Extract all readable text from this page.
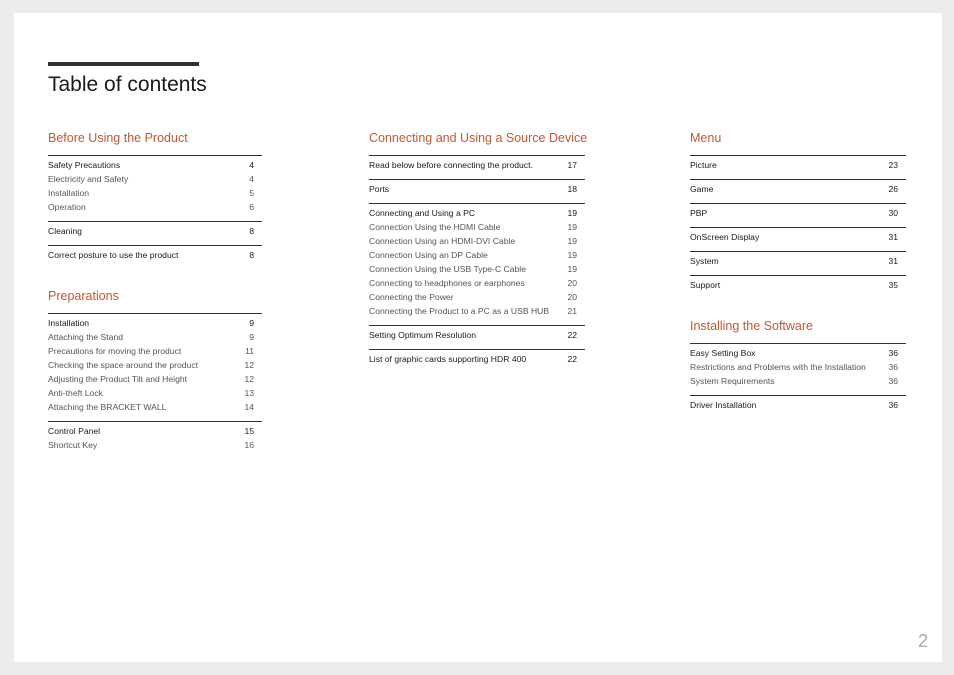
Table of contents
Before Using the Product
Safety Precautions	4
Electricity and Safety	4
Installation	5
Operation	6
Cleaning	8
Correct posture to use the product	8
Preparations
Installation	9
Attaching the Stand	9
Precautions for moving the product	11
Checking the space around the product	12
Adjusting the Product Tilt and Height	12
Anti-theft Lock	13
Attaching the BRACKET WALL	14
Control Panel	15
Shortcut Key	16
Connecting and Using a Source Device
Read below before connecting the product.	17
Ports	18
Connecting and Using a PC	19
Connection Using the HDMI Cable	19
Connection Using an HDMI-DVI Cable	19
Connection Using an DP Cable	19
Connection Using the USB Type-C Cable	19
Connecting to headphones or earphones	20
Connecting the Power	20
Connecting the Product to a PC as a USB HUB	21
Setting Optimum Resolution	22
List of graphic cards supporting HDR 400	22
Menu
Picture	23
Game	26
PBP	30
OnScreen Display	31
System	31
Support	35
Installing the Software
Easy Setting Box	36
Restrictions and Problems with the Installation	36
System Requirements	36
Driver Installation	36
2
